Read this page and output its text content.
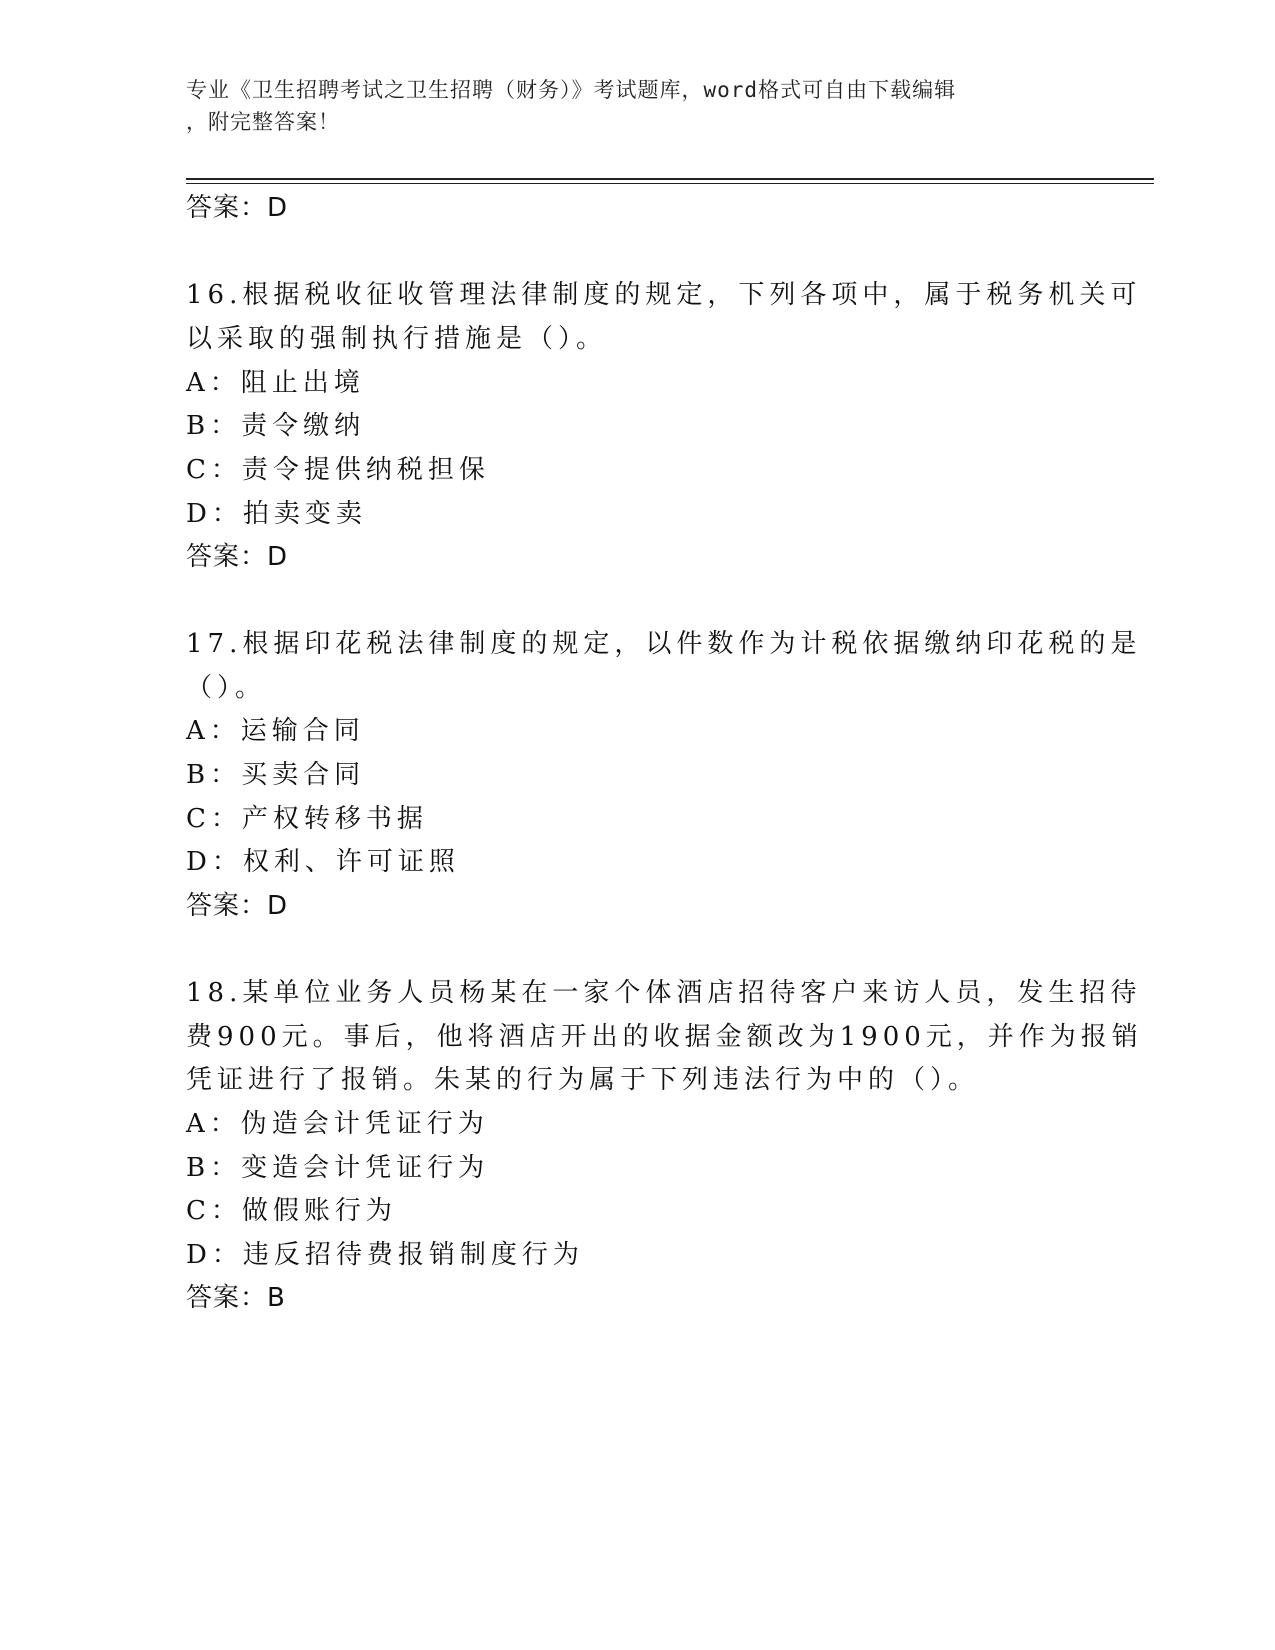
专业《卫生招聘考试之卫生招聘（财务）》考试题库，word格式可自由下载编辑
，附完整答案！
答案：D
16.根据税收征收管理法律制度的规定，下列各项中，属于税务机关可
以采取的强制执行措施是（）。
A：阻止出境
B：责令缴纳
C：责令提供纳税担保
D：拍卖变卖
答案：D
17.根据印花税法律制度的规定，以件数作为计税依据缴纳印花税的是
（）。
A：运输合同
B：买卖合同
C：产权转移书据
D：权利、许可证照
答案：D
18.某单位业务人员杨某在一家个体酒店招待客户来访人员，发生招待
费900元。事后，他将酒店开出的收据金额改为1900元，并作为报销
凭证进行了报销。朱某的行为属于下列违法行为中的（）。
A：伪造会计凭证行为
B：变造会计凭证行为
C：做假账行为
D：违反招待费报销制度行为
答案：B
